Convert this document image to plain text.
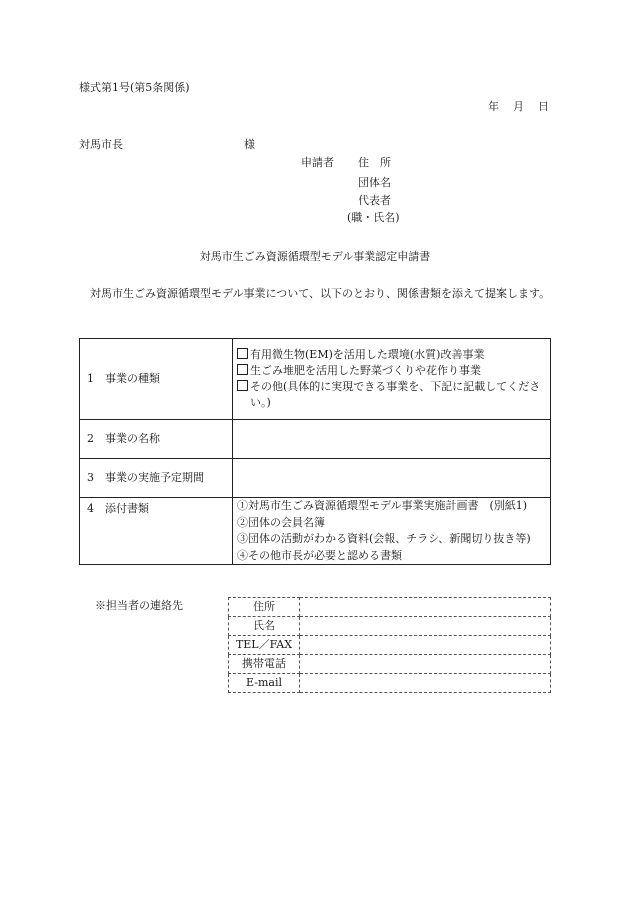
様式第1号(第5条関係)
年 月 日
対馬市長	様
申請者 住　所
団体名
代表者
(職・氏名)
対馬市生ごみ資源循環型モデル事業認定申請書
対馬市生ごみ資源循環型モデル事業について、以下のとおり、関係書類を添えて提案します。
1 事業の種類	有用微生物(EM)を活用した環境(水質)改善事業
生ごみ堆肥を活用した野菜づくりや花作り事業
その他(具体的に実現できる事業を、下記に記載してください。)

2 事業の名称	
3 事業の実施予定期間	
4 添付書類	①対馬市生ごみ資源循環型モデル事業実施計画書　(別紙1)
②団体の会員名簿
③団体の活動がわかる資料(会報、チラシ、新聞切り抜き等)
④その他市長が必要と認める書類
※担当者の連絡先	住所	
氏名	
TEL／FAX	
携帯電話	
E-mail	
